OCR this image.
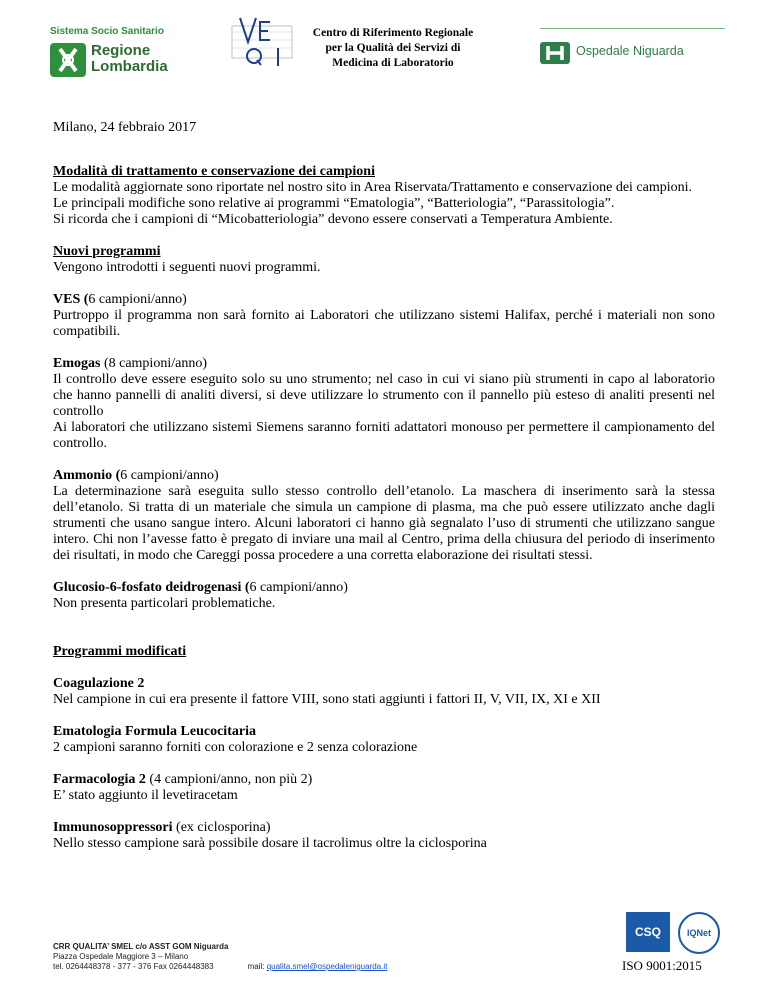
Sistema Socio Sanitario
Regione
Lombardia
Centro di Riferimento Regionale
per la Qualità dei Servizi di
Medicina di Laboratorio
Ospedale Niguarda

Milano, 24 febbraio 2017

Modalità di trattamento e conservazione dei campioni

Le modalità aggiornate sono riportate nel nostro sito in Area Riservata/Trattamento e conservazione dei campioni.

Le principali modifiche sono relative ai programmi “Ematologia”, “Batteriologia”, “Parassitologia”.

Si ricorda che i campioni di “Micobatteriologia” devono essere conservati a Temperatura Ambiente.

Nuovi programmi

Vengono introdotti i seguenti nuovi programmi.

VES (6 campioni/anno)

Purtroppo il programma non sarà fornito ai Laboratori che utilizzano sistemi Halifax, perché i materiali non sono compatibili.

Emogas (8 campioni/anno)

Il controllo deve essere eseguito solo su uno strumento; nel caso in cui vi siano più strumenti in capo al laboratorio che hanno pannelli di analiti diversi, si deve utilizzare lo strumento con il pannello più esteso di analiti presenti nel controllo

Ai laboratori che utilizzano sistemi Siemens saranno forniti adattatori monouso per permettere il campionamento del controllo.

Ammonio (6 campioni/anno)

La determinazione sarà eseguita sullo stesso controllo dell’etanolo. La maschera di inserimento sarà la stessa dell’etanolo. Si tratta di un materiale che simula un campione di plasma, ma che può essere utilizzato anche dagli strumenti che usano sangue intero. Alcuni laboratori ci hanno già segnalato l’uso di strumenti che utilizzano sangue intero. Chi non l’avesse fatto è pregato di inviare una mail al Centro, prima della chiusura del periodo di inserimento dei risultati, in modo che Careggi possa procedere a una corretta elaborazione dei risultati stessi.

Glucosio-6-fosfato deidrogenasi (6 campioni/anno)

Non presenta particolari problematiche.

Programmi modificati

Coagulazione 2

Nel campione in cui era presente il fattore VIII, sono stati aggiunti i fattori II, V, VII, IX, XI e XII

Ematologia Formula Leucocitaria

2 campioni saranno forniti con colorazione e 2 senza colorazione

Farmacologia 2 (4 campioni/anno, non più 2)

E’ stato aggiunto il levetiracetam

Immunosoppressori (ex ciclosporina)

Nello stesso campione sarà possibile dosare il tacrolimus oltre la ciclosporina

CRR QUALITA’ SMEL c/o ASST GOM Niguarda
Piazza Ospedale Maggiore 3 – Milano
tel. 0264448378 - 377 - 376 Fax 0264448383	mail: qualita.smel@ospedaleniguarda.it
CSQ	IQNet
ISO 9001:2015
